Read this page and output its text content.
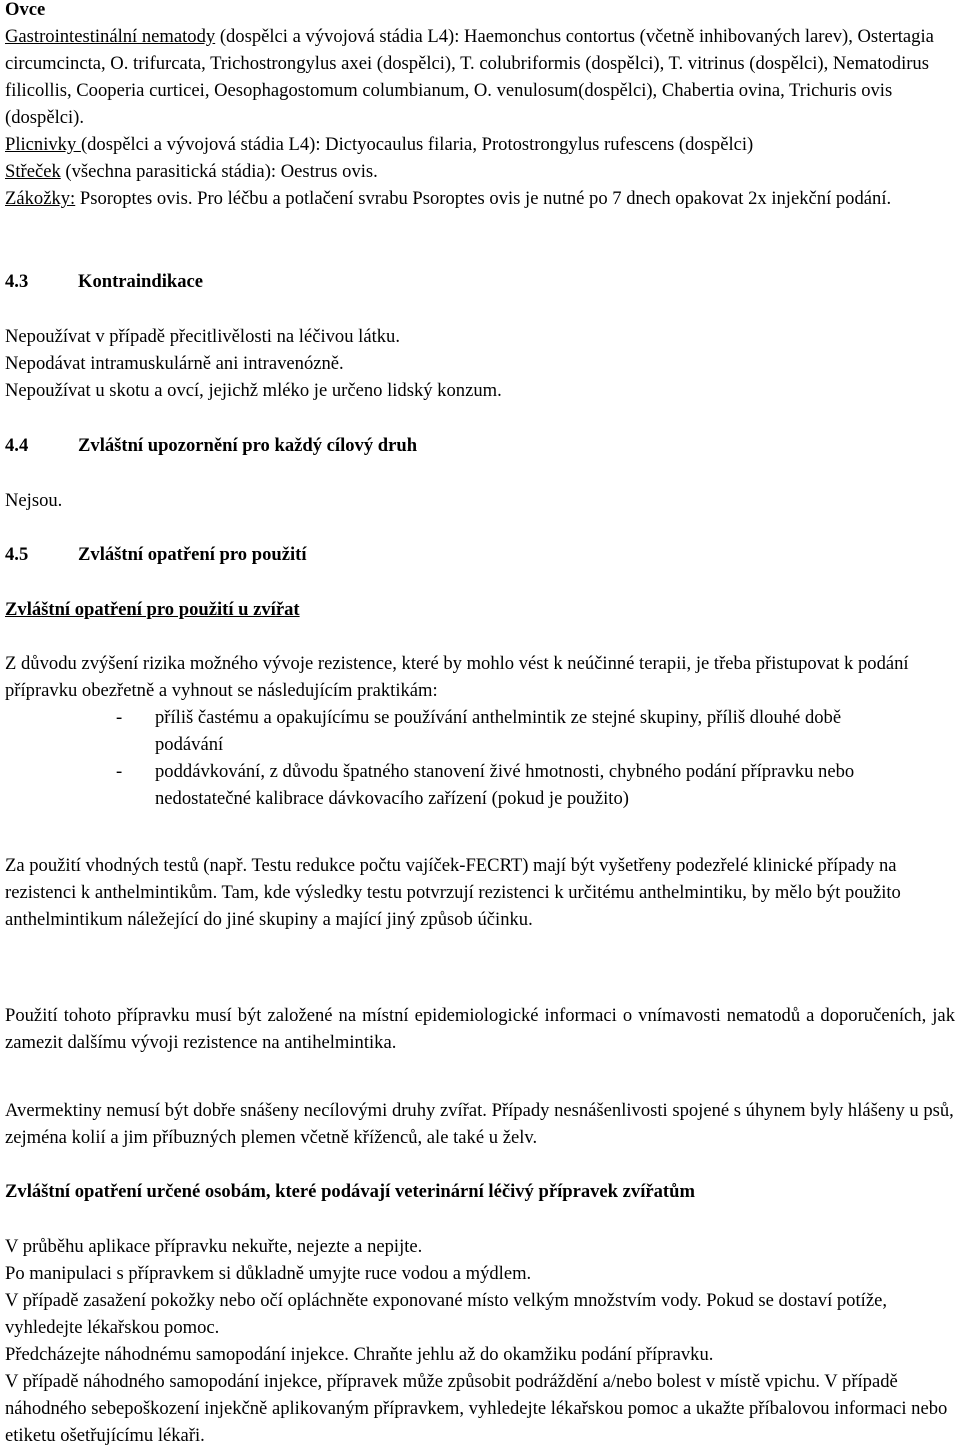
Ovce

Gastrointestinální nematody (dospělci a vývojová stádia L4): Haemonchus contortus (včetně inhibovaných larev), Ostertagia circumcincta, O. trifurcata, Trichostrongylus axei (dospělci), T. colubriformis (dospělci), T. vitrinus (dospělci), Nematodirus filicollis, Cooperia curticei, Oesophagostomum columbianum, O. venulosum(dospělci), Chabertia ovina, Trichuris ovis (dospělci).

Plicnivky (dospělci a vývojová stádia L4): Dictyocaulus filaria, Protostrongylus rufescens (dospělci)

Střeček (všechna parasitická stádia): Oestrus ovis.

Zákožky: Psoroptes ovis. Pro léčbu a potlačení svrabu Psoroptes ovis je nutné po 7 dnech opakovat 2x injekční podání.

4.3	Kontraindikace

Nepoužívat v případě přecitlivělosti na léčivou látku.

Nepodávat intramuskulárně ani intravenózně.

Nepoužívat u skotu a ovcí, jejichž mléko je určeno lidský konzum.

4.4	Zvláštní upozornění pro každý cílový druh

Nejsou.

4.5	Zvláštní opatření pro použití

Zvláštní opatření pro použití u zvířat

Z důvodu zvýšení rizika možného vývoje rezistence, které by mohlo vést k neúčinné terapii, je třeba přistupovat k podání přípravku obezřetně a vyhnout se následujícím praktikám:

-	příliš častému a opakujícímu se používání anthelmintik ze stejné skupiny, příliš dlouhé době podávání
-	poddávkování, z důvodu špatného stanovení živé hmotnosti, chybného podání přípravku nebo nedostatečné kalibrace dávkovacího zařízení (pokud je použito)

Za použití vhodných testů (např. Testu redukce počtu vajíček-FECRT) mají být vyšetřeny podezřelé klinické případy na rezistenci k anthelmintikům. Tam, kde výsledky testu potvrzují rezistenci k určitému anthelmintiku, by mělo být použito anthelmintikum náležející do jiné skupiny a mající jiný způsob účinku.

Použití tohoto přípravku musí být založené na místní epidemiologické informaci o vnímavosti nematodů a doporučeních, jak zamezit dalšímu vývoji rezistence na antihelmintika.

Avermektiny nemusí být dobře snášeny necílovými druhy zvířat. Případy nesnášenlivosti spojené s úhynem byly hlášeny u psů, zejména kolií a jim příbuzných plemen včetně kříženců, ale také u želv.

Zvláštní opatření určené osobám, které podávají veterinární léčivý přípravek zvířatům

V průběhu aplikace přípravku nekuřte, nejezte a nepijte.

Po manipulaci s přípravkem si důkladně umyjte ruce vodou a mýdlem.

V případě zasažení pokožky nebo očí opláchněte exponované místo velkým množstvím vody. Pokud se dostaví potíže, vyhledejte lékařskou pomoc.

Předcházejte náhodnému samopodání injekce. Chraňte jehlu až do okamžiku podání přípravku.

V případě náhodného samopodání injekce, přípravek může způsobit podráždění a/nebo bolest v místě vpichu. V případě náhodného sebepoškození injekčně aplikovaným přípravkem, vyhledejte lékařskou pomoc a ukažte příbalovou informaci nebo etiketu ošetřujícímu lékaři.
